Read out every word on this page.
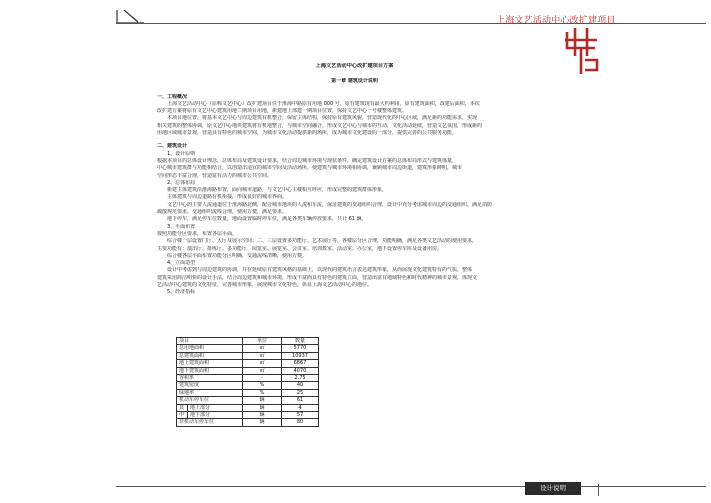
上海文艺活动中心改扩建项目

上海文艺活动中心改扩建项目方案

第一章 建筑设计说明

一、工程概况

上海文艺活动中心（原称文艺中心）改扩建项目位于淮海中路原有用地 000 号，原有建筑现有最大约利用，原有建筑面积，改建后面积，本次

改扩建方案将原有文艺中心建筑用地二期项目用地，新建地上部建一期项目位置，保持文艺中心一号楼整体建筑。

本项目地位置，将基本文艺中心与周边建筑有机整合，保留主体结构，保持原有建筑风貌，营造现代化的中心区域，满足新的功能需求，实现

相关建筑的整体协调，原文艺中心地块建筑将有机地整合，与城市空间融合，形成文艺中心与城市的互动，文化活动延续，营造文艺氛围，形成新的

用地区域城市景观，营造具有特色的城市空间，为城市文化活动提供新的场所，成为城市文化建设的一部分，提供完善的公共服务功能。

二、建筑设计

1、设计原则

根据本项目的总体设计理念，总体布局及建筑设计要求，结合周边城市环境与现状条件，确定建筑设计方案的总体布局形式与建筑体量，

中心城市建筑群与功能相结合，以创造出适宜的城市空间及活动场所，使建筑与城市环境相协调，兼顾城市周边街道，建筑形象鲜明，城市

空间形态丰富合理，营造富有活力的城市公共空间。

2、总体布局

新建主体建筑沿淮海路布置，面向城市道路，与文艺中心主楼相互呼应，形成完整的建筑群体形象，

主体建筑与周边道路有机衔接，形成良好的城市界面。

文艺中心的主要人流通道位于淮海路北侧，配合城市地块的人流和车流，保证建筑的交通组织合理，设计中充分考虑城市周边的交通组织，满足消防

疏散规范要求，交通组织流线合理，使用方便，满足要求。

地下停车，满足停车位数量，地面设置临时停车位，满足各类车辆停放要求，共计 61 辆。

3、平面布置

按照功能分区要求，布置各层平面。

综合楼一层设置门厅、大厅及展示空间；二、三层设置多功能厅、艺术展厅等，各楼层分区合理，功能明确，满足各类文艺活动的使用要求，

主要功能有：演出厅、排练厅、多功能厅、阅览室、展览室、会议室、培训教室、活动室、办公室，地下设置停车库及设备用房。

综合楼各层平面布置功能分区明确，交通流线清晰，使用方便。

4、立面造型

设计中考虑到与周边建筑的协调，并在延续原有建筑风格的基础上，以现代的建筑语言表达建筑形象，从而展现文化建筑特有的气质，整体

建筑采用简洁明快的设计手法，结合周边建筑和城市环境，形成丰富而具有特色的建筑立面，营造出富有地域特色和时代精神的城市景观，体现文

艺活动中心建筑的文化特征，完善城市形象，展现城市文化特色，彰显上海文艺活动中心的地位。

5、经济指标

项目		单位	数量
总用地面积		㎡	5770
总建筑面积		㎡	10937
地上建筑面积		㎡	6867
地下建筑面积		㎡	4070
容积率		-	2.75
建筑密度		%	40
绿地率		%	25
机动车停车位		辆	61
其	地上部分	辆	4
中	地下部分	辆	57
非机动车停车位		辆	80
设计说明
